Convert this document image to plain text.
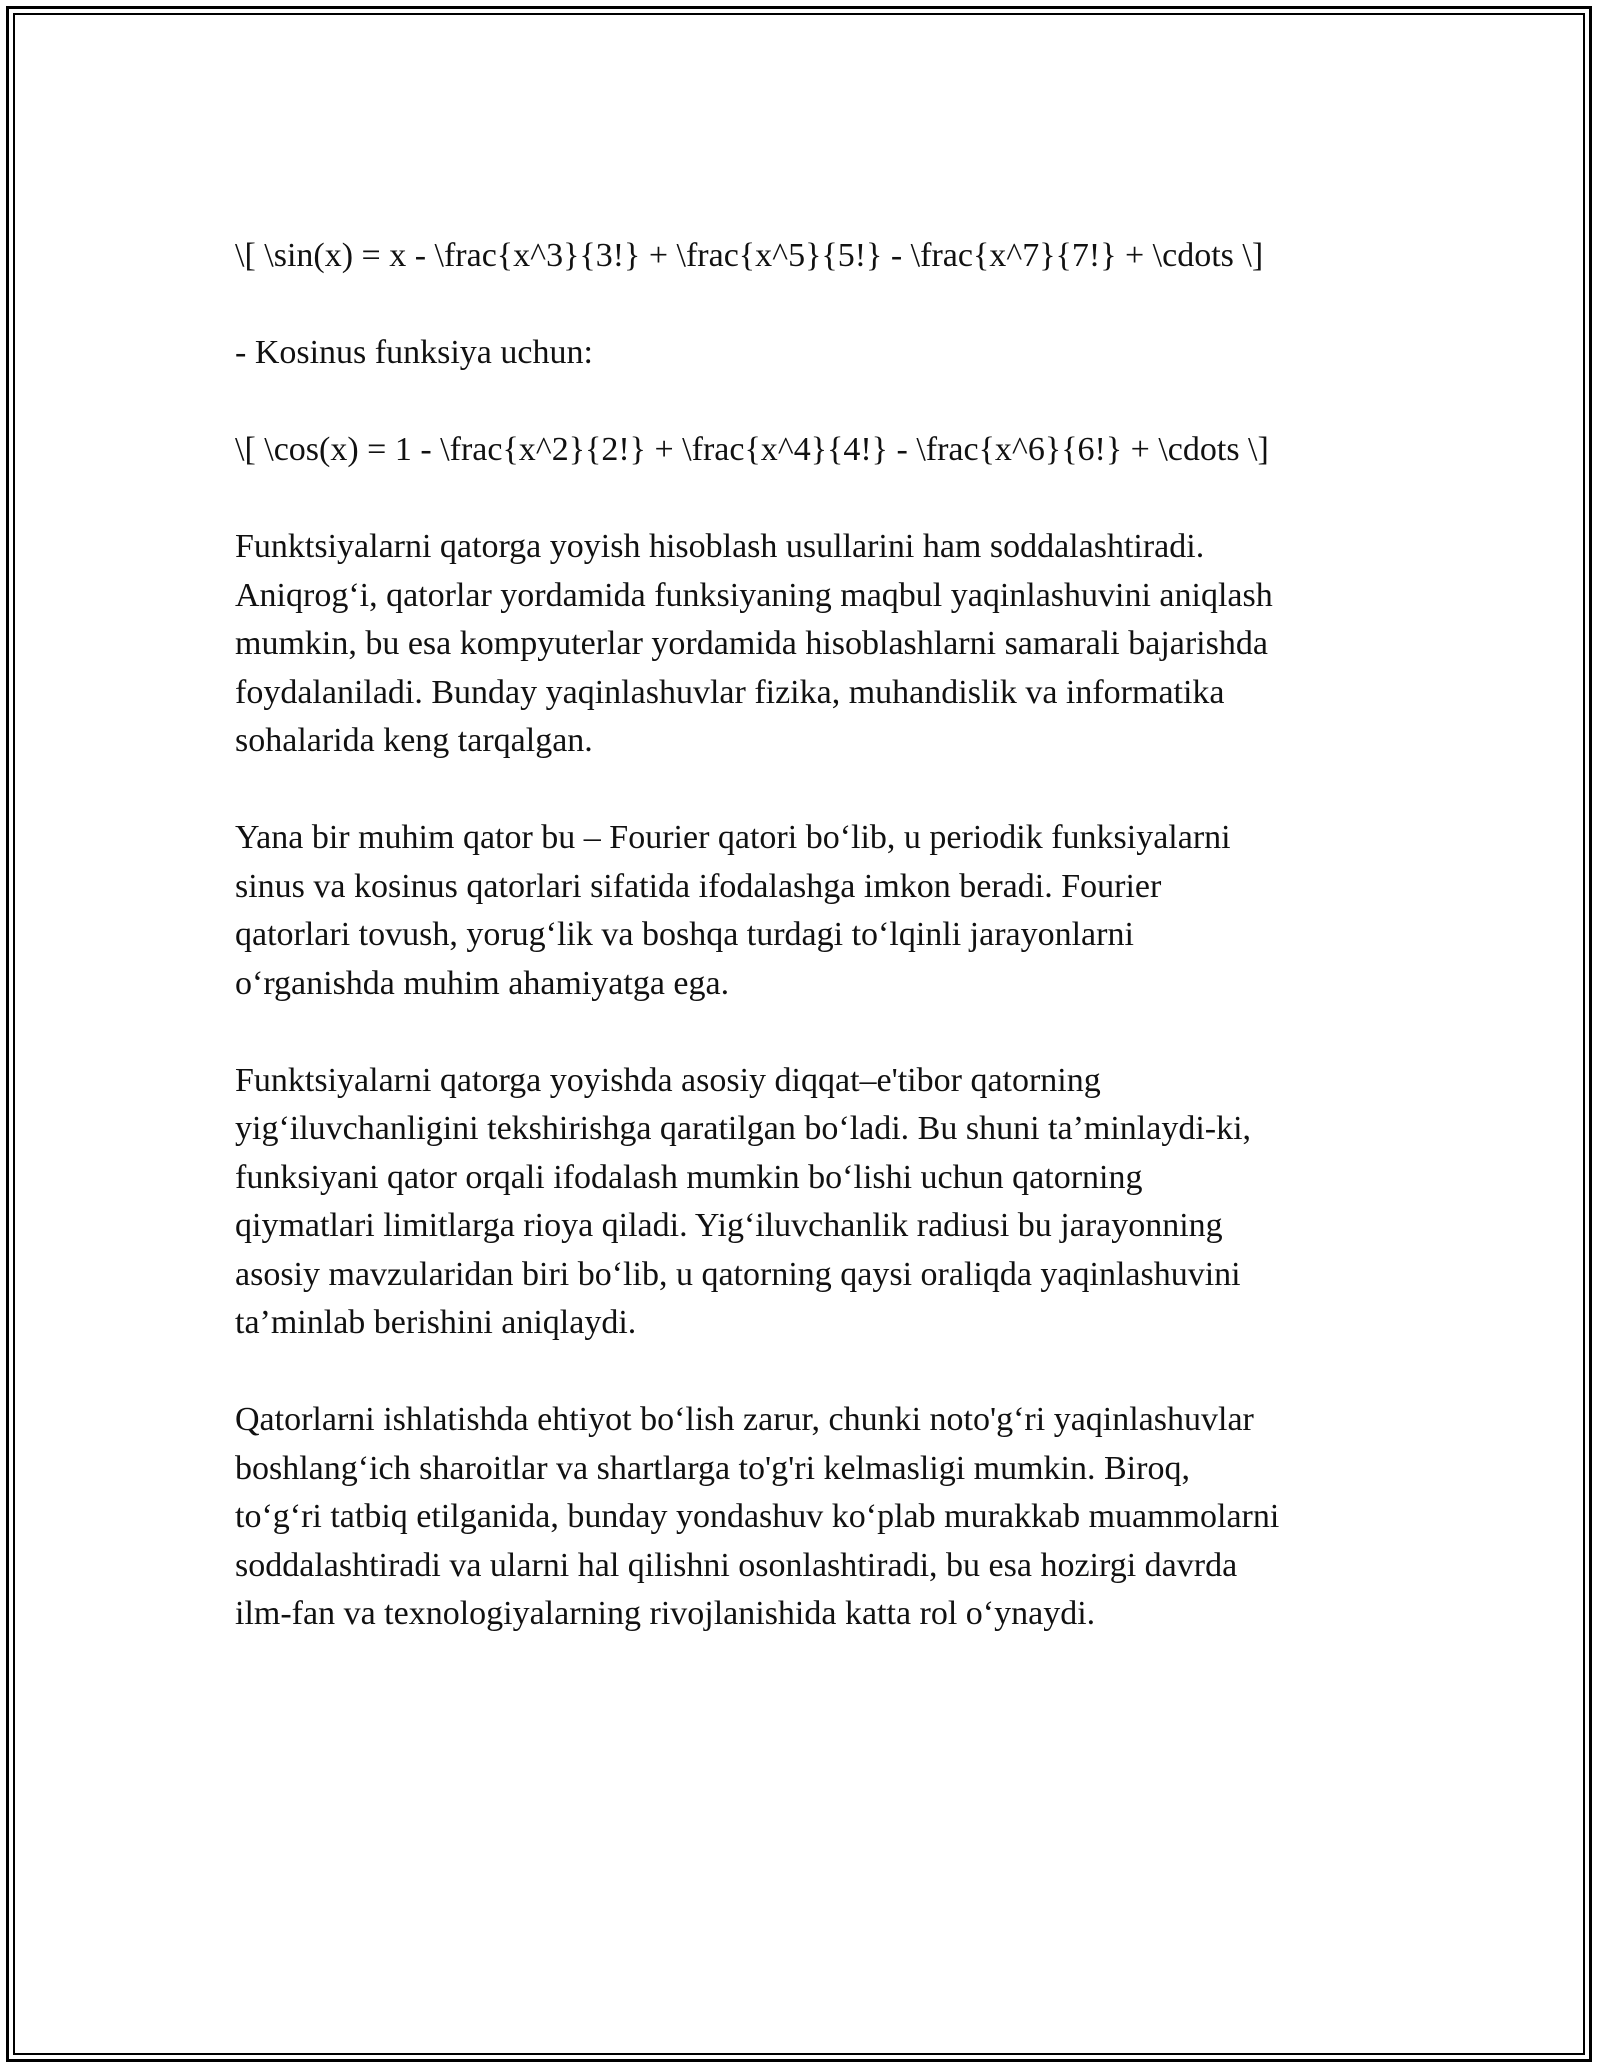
\[ \sin(x) = x - \frac{x^3}{3!} + \frac{x^5}{5!} - \frac{x^7}{7!} + \cdots \]

- Kosinus funksiya uchun:

\[ \cos(x) = 1 - \frac{x^2}{2!} + \frac{x^4}{4!} - \frac{x^6}{6!} + \cdots \]

Funktsiyalarni qatorga yoyish hisoblash usullarini ham soddalashtiradi.
Aniqrog‘i, qatorlar yordamida funksiyaning maqbul yaqinlashuvini aniqlash
mumkin, bu esa kompyuterlar yordamida hisoblashlarni samarali bajarishda
foydalaniladi. Bunday yaqinlashuvlar fizika, muhandislik va informatika
sohalarida keng tarqalgan.

Yana bir muhim qator bu – Fourier qatori bo‘lib, u periodik funksiyalarni
sinus va kosinus qatorlari sifatida ifodalashga imkon beradi. Fourier
qatorlari tovush, yorug‘lik va boshqa turdagi to‘lqinli jarayonlarni
o‘rganishda muhim ahamiyatga ega.

Funktsiyalarni qatorga yoyishda asosiy diqqat–e'tibor qatorning
yig‘iluvchanligini tekshirishga qaratilgan bo‘ladi. Bu shuni ta’minlaydi-ki,
funksiyani qator orqali ifodalash mumkin bo‘lishi uchun qatorning
qiymatlari limitlarga rioya qiladi. Yig‘iluvchanlik radiusi bu jarayonning
asosiy mavzularidan biri bo‘lib, u qatorning qaysi oraliqda yaqinlashuvini
ta’minlab berishini aniqlaydi.

Qatorlarni ishlatishda ehtiyot bo‘lish zarur, chunki noto'g‘ri yaqinlashuvlar
boshlang‘ich sharoitlar va shartlarga to'g'ri kelmasligi mumkin. Biroq,
to‘g‘ri tatbiq etilganida, bunday yondashuv ko‘plab murakkab muammolarni
soddalashtiradi va ularni hal qilishni osonlashtiradi, bu esa hozirgi davrda
ilm-fan va texnologiyalarning rivojlanishida katta rol o‘ynaydi.
